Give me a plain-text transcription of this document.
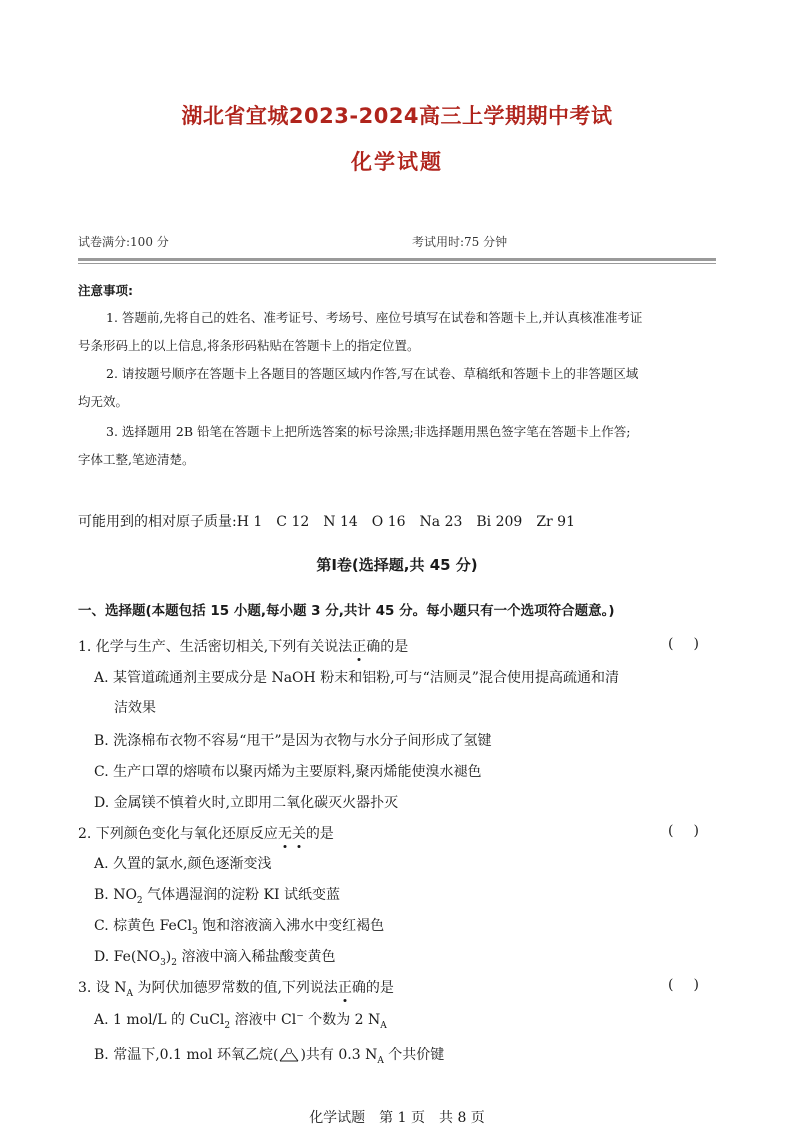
湖北省宜城2023-2024高三上学期期中考试
化学试题
试卷满分:100 分	考试用时:75 分钟
注意事项:
1. 答题前,先将自己的姓名、准考证号、考场号、座位号填写在试卷和答题卡上,并认真核准准考证
号条形码上的以上信息,将条形码粘贴在答题卡上的指定位置。
2. 请按题号顺序在答题卡上各题目的答题区域内作答,写在试卷、草稿纸和答题卡上的非答题区域
均无效。
3. 选择题用 2B 铅笔在答题卡上把所选答案的标号涂黑;非选择题用黑色签字笔在答题卡上作答;
字体工整,笔迹清楚。
可能用到的相对原子质量:H 1　C 12　N 14　O 16　Na 23　Bi 209　Zr 91
第Ⅰ卷(选择题,共 45 分)
一、选择题(本题包括 15 小题,每小题 3 分,共计 45 分。每小题只有一个选项符合题意。)
1. 化学与生产、生活密切相关,下列有关说法正确的是	()
A. 某管道疏通剂主要成分是 NaOH 粉末和铝粉,可与“洁厕灵”混合使用提高疏通和清
洁效果
B. 洗涤棉布衣物不容易“甩干”是因为衣物与水分子间形成了氢键
C. 生产口罩的熔喷布以聚丙烯为主要原料,聚丙烯能使溴水褪色
D. 金属镁不慎着火时,立即用二氧化碳灭火器扑灭
2. 下列颜色变化与氧化还原反应无关的是	()
A. 久置的氯水,颜色逐渐变浅
B. $NO_2$ 气体遇湿润的淀粉 KI 试纸变蓝
C. 棕黄色 FeCl$_3$ 饱和溶液滴入沸水中变红褐色
D. $Fe(NO_3)_2$ 溶液中滴入稀盐酸变黄色
3. 设 $N_A$ 为阿伏加德罗常数的值,下列说法正确的是	()
A. 1 mol/L 的 CuCl$_2$ 溶液中 Cl− 个数为 2 $N_A$
B. 常温下,0.1 mol 环氧乙烷( O )共有 0.3 $N_A$ 个共价键
化学试题　第 1 页　共 8 页
